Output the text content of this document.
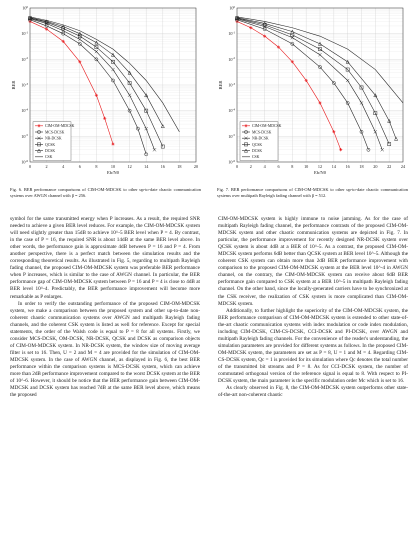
0	2	4	6	8	10	12	14	16	18	20
$10^{-6}$
$10^{-5}$
$10^{-4}$
$10^{-3}$
$10^{-2}$
$10^{-1}$
$10^0$
Eb/N0
BER
CIM-OM-MDCSK
MCS-DCSK
NR-DCSK
QCSK
DCSK
CSK
Fig. 6. BER performance comparisons of CIM-OM-MDCSK to other up-to-date chaotic communication systems over AWGN channel with β = 256.
0	2	4	6	8	10 12 14 16 18 20 22 24
$10^{-6}$
$10^{-5}$
$10^{-4}$
$10^{-3}$
$10^{-2}$
$10^{-1}$
$10^0$
Eb/N0
BER
CIM-OM-MDCSK
MCS-DCSK
NR-DCSK
QCSK
DCSK
CSK
Fig. 7. BER performance comparisons of CIM-OM-MDCSK to other up-to-date chaotic communication systems over multipath Rayleigh fading channel with β = 512.

symbol for the same transmitted energy when P increases. As a result, the required SNR needed to achieve a given BER level reduces. For example, the CIM-OM-MDCSK system will need slightly greater than 15dB to achieve 10^-5 BER level when P = 4. By contrast, in the case of P = 16, the required SNR is about 14dB at the same BER level above. In other words, the performance gain is approximate 4dB between P = 16 and P = 4. From another perspective, there is a perfect match between the simulation results and the corresponding theoretical results. As illustrated in Fig. 5, regarding to multipath Rayleigh fading channel, the proposed CIM-OM-MDCSK system was preferable BER performance when P increases, which is similar to the case of AWGN channel. In particular, the BER performance gap of CIM-OM-MDCSK system between P = 16 and P = 4 is close to 4dB at BER level 10^-4. Predictably, the BER performance improvement will become more remarkable as P enlarges.

In order to verify the outstanding performance of the proposed CIM-OM-MDCSK system, we make a comparison between the proposed system and other up-to-date non-coherent chaotic communication systems over AWGN and multipath Rayleigh fading channels, and the coherent CSK system is listed as well for reference. Except for special statements, the order of the Walsh code is equal to P = 8 for all systems. Firstly, we consider MCS-DCSK, OM-DCSK, NR-DCSK, QCSK and DCSK as comparison objects of CIM-OM-MDCSK system. In NR-DCSK system, the window size of moving average filter is set to 16. Then, U = 2 and M = 4 are provided for the simulation of CIM-OM-MDCSK system. In the case of AWGN channel, as displayed in Fig. 6, the best BER performance within the comparison systems is MCS-DCSK system, which can achieve more than 2dB performance improvement compared to the worst DCSK system at the BER of 10^-6. However, it should be notice that the BER performance gain between CIM-OM-MDCSK and DCSK system has reached 7dB at the same BER level above, which means the proposed

CIM-OM-MDCSK system is highly immune to noise jamming. As for the case of multipath Rayleigh fading channel, the performance contrasts of the proposed CIM-OM-MDCSK system and other chaotic communication systems are depicted in Fig. 7. In particular, the performance improvement for recently designed NR-DCSK system over QCSK system is about 4dB at a BER of 10^-5. As a contrast, the proposed CIM-OM-MDCSK system performs 6dB better than QCSK system at BER level 10^-5. Although the coherent CSK system can obtain more than 2dB BER performance improvement with comparison to the proposed CIM-OM-MDCSK system at the BER level 10^-4 in AWGN channel, on the contrary, the CIM-OM-MDCSK system can receive about 6dB BER performance gain compared to CSK system at a BER 10^-5 in multipath Rayleigh fading channel. On the other hand, since the locally-generated carriers have to be synchronized at the CSK receiver, the realization of CSK system is more complicated than CIM-OM-MDCSK system.

Additionally, to further highlight the superiority of the CIM-OM-MDCSK system, the BER performance comparison of CIM-OM-MDCSK system is extended to other state-of-the-art chaotic communication systems with index modulation or code index modulation, including CIM-DCSK, CIM-CS-DCSK, CCI-DCSK and PI-DCSK, over AWGN and multipath Rayleigh fading channels. For the convenience of the reader's understanding, the simulation parameters are provided for different systems as follows. In the proposed CIM-OM-MDCSK system, the parameters are set as P = 8, U = 1 and M = 4. Regarding CIM-CS-DCSK system, Qc = 1 is provided for its simulation where Qc denotes the total number of the transmitted bit streams and P = 8. As for CCI-DCSK system, the number of commutated orthogonal version of the reference signal is equal to 8. With respect to PI-DCSK system, the main parameter is the specific modulation order Mc which is set to 16.

As clearly observed in Fig. 8, the CIM-OM-MDCSK system outperforms other state-of-the-art non-coherent chaotic
